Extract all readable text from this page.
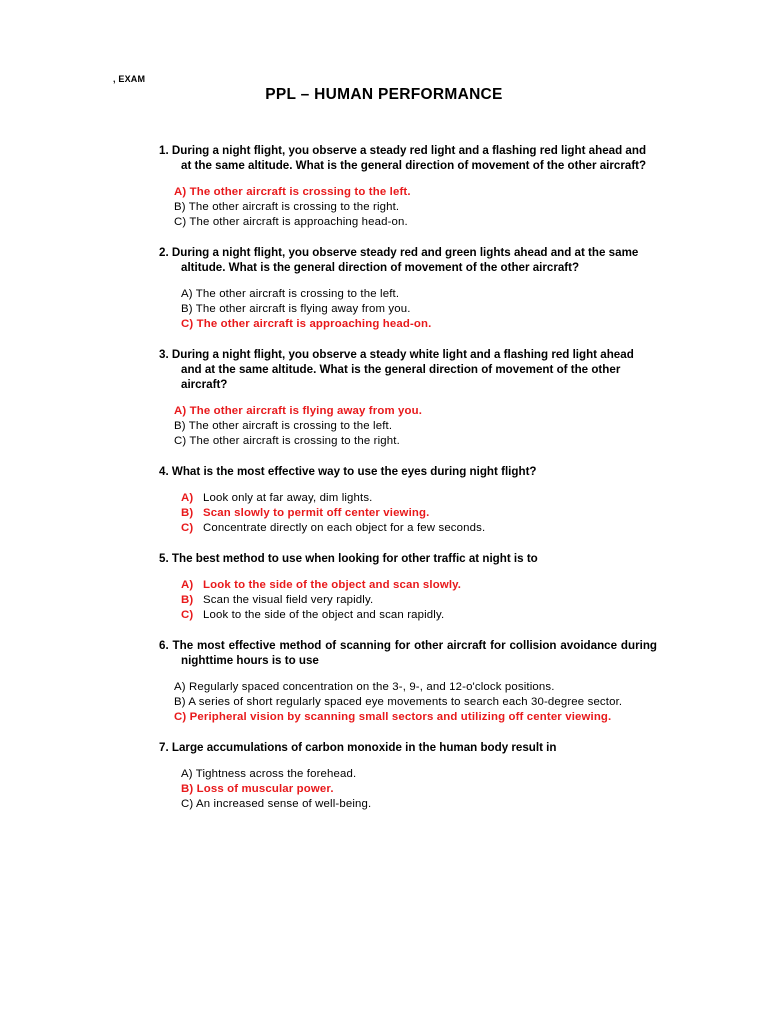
, EXAM
PPL – HUMAN PERFORMANCE
1. During a night flight, you observe a steady red light and a flashing red light ahead and at the same altitude. What is the general direction of movement of the other aircraft?
A) The other aircraft is crossing to the left.
B) The other aircraft is crossing to the right.
C) The other aircraft is approaching head-on.
2. During a night flight, you observe steady red and green lights ahead and at the same altitude. What is the general direction of movement of the other aircraft?
A) The other aircraft is crossing to the left.
B) The other aircraft is flying away from you.
C) The other aircraft is approaching head-on.
3. During a night flight, you observe a steady white light and a flashing red light ahead and at the same altitude. What is the general direction of movement of the other aircraft?
A) The other aircraft is flying away from you.
B) The other aircraft is crossing to the left.
C) The other aircraft is crossing to the right.
4. What is the most effective way to use the eyes during night flight?
A) Look only at far away, dim lights.
B) Scan slowly to permit off center viewing.
C) Concentrate directly on each object for a few seconds.
5. The best method to use when looking for other traffic at night is to
A) Look to the side of the object and scan slowly.
B) Scan the visual field very rapidly.
C) Look to the side of the object and scan rapidly.
6. The most effective method of scanning for other aircraft for collision avoidance during nighttime hours is to use
A) Regularly spaced concentration on the 3-, 9-, and 12-o'clock positions.
B) A series of short regularly spaced eye movements to search each 30-degree sector.
C) Peripheral vision by scanning small sectors and utilizing off center viewing.
7. Large accumulations of carbon monoxide in the human body result in
A) Tightness across the forehead.
B) Loss of muscular power.
C) An increased sense of well-being.
